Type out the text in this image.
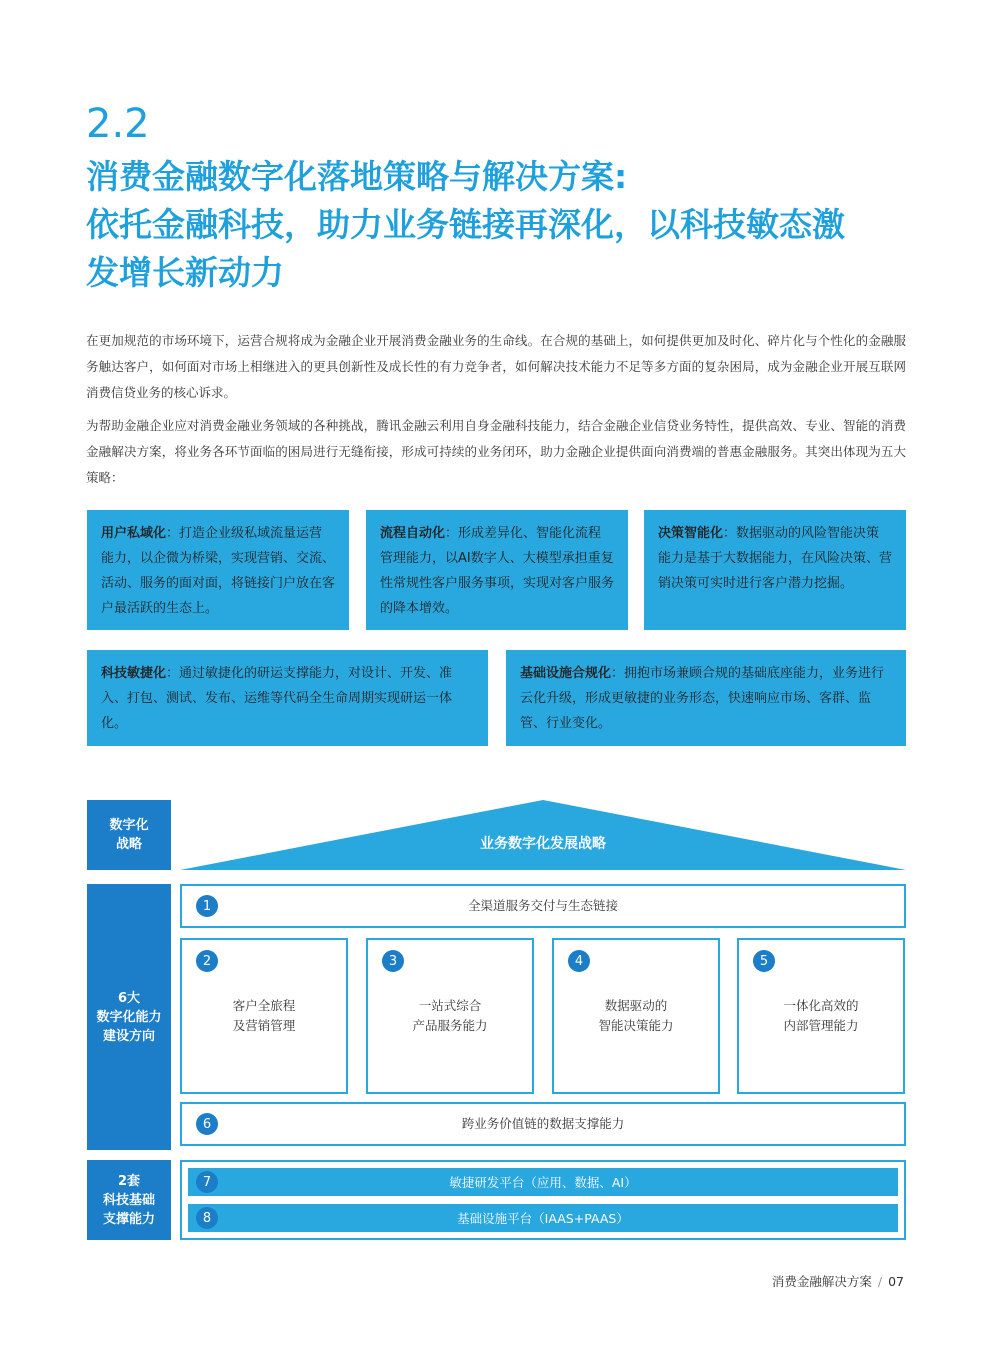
2.2
消费金融数字化落地策略与解决方案:
依托金融科技，助力业务链接再深化，以科技敏态激
发增长新动力
在更加规范的市场环境下，运营合规将成为金融企业开展消费金融业务的生命线。在合规的基础上，如何提供更加及时化、碎片化与个性化的金融服务触达客户，如何面对市场上相继进入的更具创新性及成长性的有力竞争者，如何解决技术能力不足等多方面的复杂困局，成为金融企业开展互联网消费信贷业务的核心诉求。
为帮助金融企业应对消费金融业务领域的各种挑战，腾讯金融云利用自身金融科技能力，结合金融企业信贷业务特性，提供高效、专业、智能的消费金融解决方案，将业务各环节面临的困局进行无缝衔接，形成可持续的业务闭环，助力金融企业提供面向消费端的普惠金融服务。其突出体现为五大策略：
用户私域化：打造企业级私域流量运营能力，以企微为桥梁，实现营销、交流、活动、服务的面对面，将链接门户放在客户最活跃的生态上。
流程自动化：形成差异化、智能化流程管理能力，以AI数字人、大模型承担重复性常规性客户服务事项，实现对客户服务的降本增效。
决策智能化：数据驱动的风险智能决策能力是基于大数据能力，在风险决策、营销决策可实时进行客户潜力挖掘。
科技敏捷化：通过敏捷化的研运支撑能力，对设计、开发、准入、打包、测试、发布、运维等代码全生命周期实现研运一体化。
基础设施合规化：拥抱市场兼顾合规的基础底座能力，业务进行云化升级，形成更敏捷的业务形态，快速响应市场、客群、监管、行业变化。
数字化
战略
6大
数字化能力
建设方向
2套
科技基础
支撑能力
业务数字化发展战略
1	全渠道服务交付与生态链接
2
客户全旅程
及营销管理
3
一站式综合
产品服务能力
4
数据驱动的
智能决策能力
5
一体化高效的
内部管理能力
6	跨业务价值链的数据支撑能力
7	敏捷研发平台（应用、数据、AI）
8	基础设施平台（IAAS+PAAS）
消费金融解决方案 / 07
